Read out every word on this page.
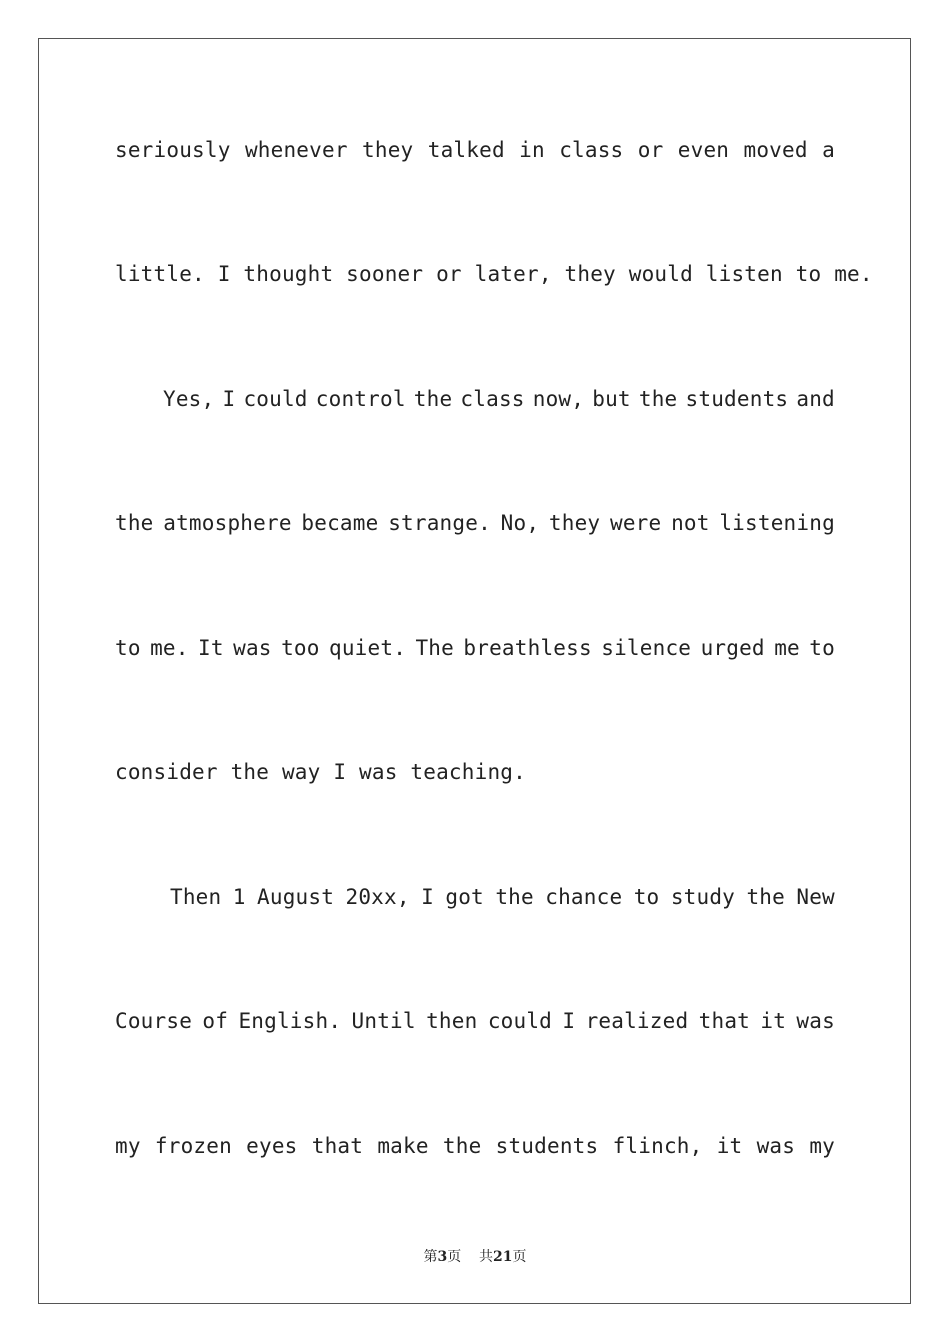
seriously whenever they talked in class or even moved a
little. I thought sooner or later, they would listen to me.
Yes, I could control the class now, but the students and
the atmosphere became strange. No, they were not listening
to me. It was too quiet. The breathless silence urged me to
consider the way I was teaching.
Then 1 August 20xx, I got the chance to study the New
Course of English. Until then could I realized that it was
my frozen eyes that make the students flinch, it was my
第3页 共21页
